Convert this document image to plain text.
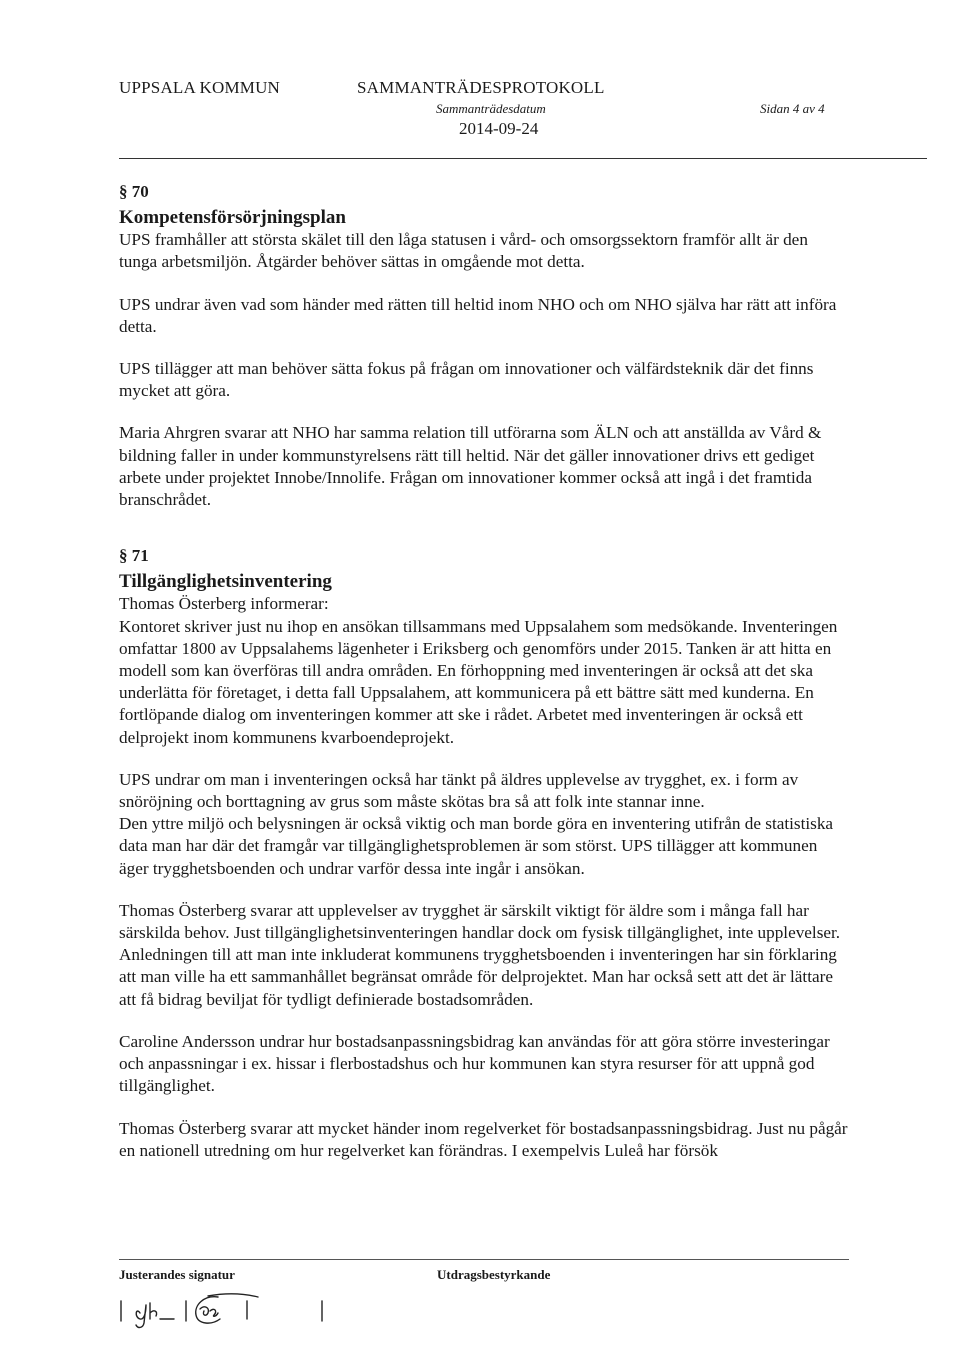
UPPSALA KOMMUN	SAMMANTRÄDESPROTOKOLL
Sammanträdesdatum	Sidan 4 av 4
2014-09-24
§ 70
Kompetensförsörjningsplan

UPS framhåller att största skälet till den låga statusen i vård- och omsorgssektorn framför allt är den tunga arbetsmiljön. Åtgärder behöver sättas in omgående mot detta.

UPS undrar även vad som händer med rätten till heltid inom NHO och om NHO själva har rätt att införa detta.

UPS tillägger att man behöver sätta fokus på frågan om innovationer och välfärdsteknik där det finns mycket att göra.

Maria Ahrgren svarar att NHO har samma relation till utförarna som ÄLN och att anställda av Vård & bildning faller in under kommunstyrelsens rätt till heltid. När det gäller innovationer drivs ett gediget arbete under projektet Innobe/Innolife. Frågan om innovationer kommer också att ingå i det framtida branschrådet.

§ 71
Tillgänglighetsinventering

Thomas Österberg informerar:

Kontoret skriver just nu ihop en ansökan tillsammans med Uppsalahem som medsökande. Inventeringen omfattar 1800 av Uppsalahems lägenheter i Eriksberg och genomförs under 2015. Tanken är att hitta en modell som kan överföras till andra områden. En förhoppning med inventeringen är också att det ska underlätta för företaget, i detta fall Uppsalahem, att kommunicera på ett bättre sätt med kunderna. En fortlöpande dialog om inventeringen kommer att ske i rådet. Arbetet med inventeringen är också ett delprojekt inom kommunens kvarboendeprojekt.

UPS undrar om man i inventeringen också har tänkt på äldres upplevelse av trygghet, ex. i form av snöröjning och borttagning av grus som måste skötas bra så att folk inte stannar inne.

Den yttre miljö och belysningen är också viktig och man borde göra en inventering utifrån de statistiska data man har där det framgår var tillgänglighetsproblemen är som störst. UPS tillägger att kommunen äger trygghetsboenden och undrar varför dessa inte ingår i ansökan.

Thomas Österberg svarar att upplevelser av trygghet är särskilt viktigt för äldre som i många fall har särskilda behov. Just tillgänglighetsinventeringen handlar dock om fysisk tillgänglighet, inte upplevelser. Anledningen till att man inte inkluderat kommunens trygghetsboenden i inventeringen har sin förklaring att man ville ha ett sammanhållet begränsat område för delprojektet. Man har också sett att det är lättare att få bidrag beviljat för tydligt definierade bostadsområden.

Caroline Andersson undrar hur bostadsanpassningsbidrag kan användas för att göra större investeringar och anpassningar i ex. hissar i flerbostadshus och hur kommunen kan styra resurser för att uppnå god tillgänglighet.

Thomas Österberg svarar att mycket händer inom regelverket för bostadsanpassningsbidrag. Just nu pågår en nationell utredning om hur regelverket kan förändras. I exempelvis Luleå har försök

Justerandes signatur	Utdragsbestyrkande
